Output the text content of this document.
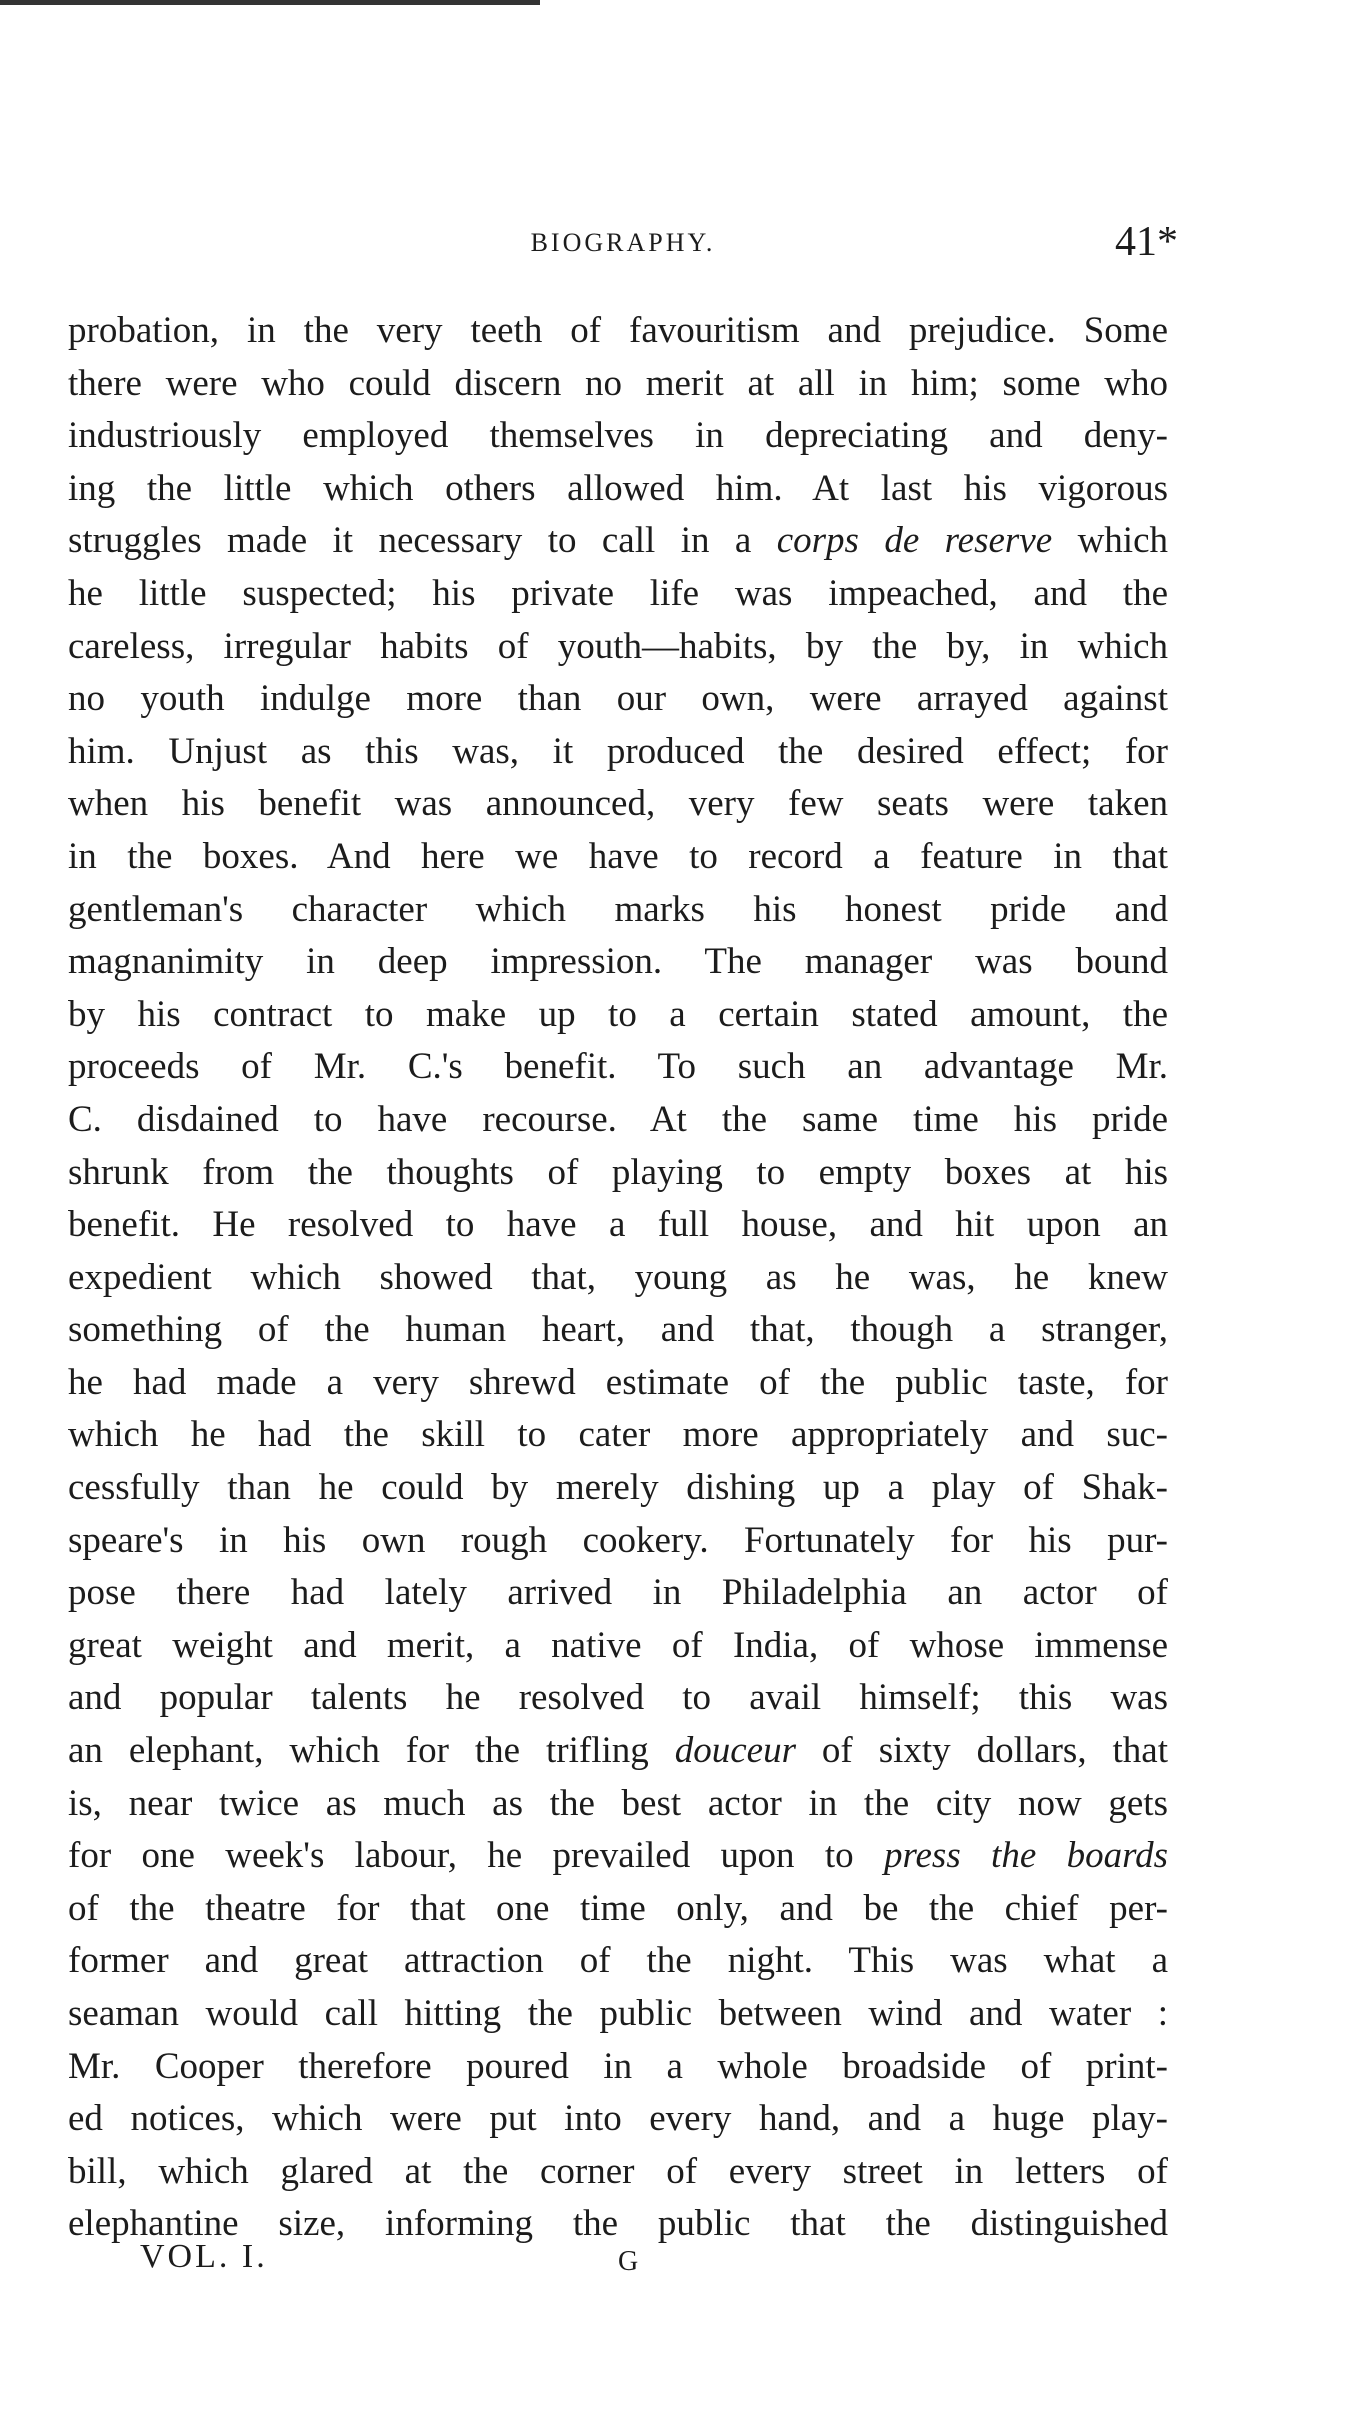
BIOGRAPHY.	41*
probation, in the very teeth of favouritism and prejudice. Some
there were who could discern no merit at all in him; some who
industriously employed themselves in depreciating and deny-
ing the little which others allowed him. At last his vigorous
struggles made it necessary to call in a corps de reserve which
he little suspected; his private life was impeached, and the
careless, irregular habits of youth—habits, by the by, in which
no youth indulge more than our own, were arrayed against
him. Unjust as this was, it produced the desired effect; for
when his benefit was announced, very few seats were taken
in the boxes. And here we have to record a feature in that
gentleman's character which marks his honest pride and
magnanimity in deep impression. The manager was bound
by his contract to make up to a certain stated amount, the
proceeds of Mr. C.'s benefit. To such an advantage Mr.
C. disdained to have recourse. At the same time his pride
shrunk from the thoughts of playing to empty boxes at his
benefit. He resolved to have a full house, and hit upon an
expedient which showed that, young as he was, he knew
something of the human heart, and that, though a stranger,
he had made a very shrewd estimate of the public taste, for
which he had the skill to cater more appropriately and suc-
cessfully than he could by merely dishing up a play of Shak-
speare's in his own rough cookery. Fortunately for his pur-
pose there had lately arrived in Philadelphia an actor of
great weight and merit, a native of India, of whose immense
and popular talents he resolved to avail himself; this was
an elephant, which for the trifling douceur of sixty dollars, that
is, near twice as much as the best actor in the city now gets
for one week's labour, he prevailed upon to press the boards
of the theatre for that one time only, and be the chief per-
former and great attraction of the night. This was what a
seaman would call hitting the public between wind and water :
Mr. Cooper therefore poured in a whole broadside of print-
ed notices, which were put into every hand, and a huge play-
bill, which glared at the corner of every street in letters of
elephantine size, informing the public that the distinguished
VOL. I.	G
